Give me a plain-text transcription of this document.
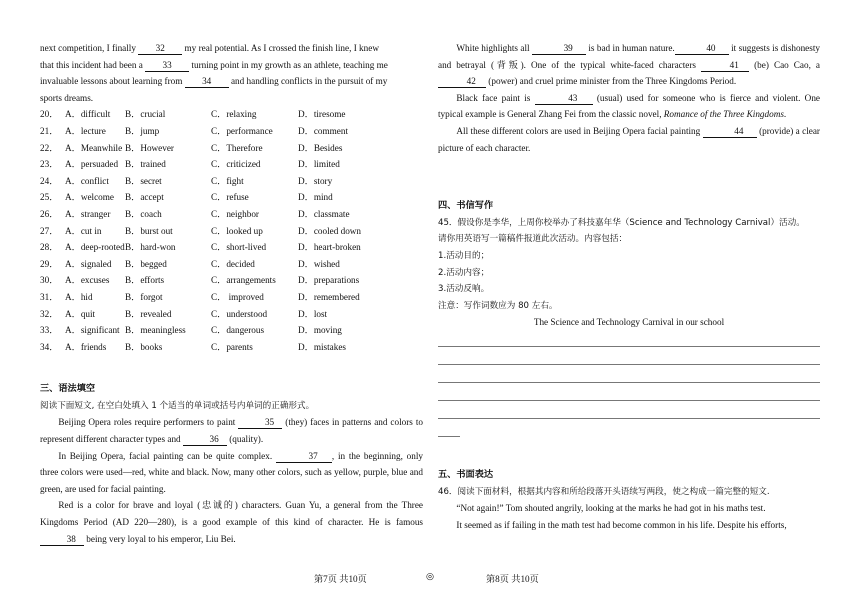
next competition, I finally 32 my real potential. As I crossed the finish line, I knew

that this incident had been a 33 turning point in my growth as an athlete, teaching me

invaluable lessons about learning from 34 and handling conflicts in the pursuit of my

sports dreams.

20． A．difficult B．crucial	C．relaxing	D．tiresome
21． A．lecture B．jump	C．performance	D．comment
22． A．Meanwhile B．However	C．Therefore	D．Besides
23． A．persuaded B．trained	C．criticized	D．limited
24． A．conflict B．secret	C．fight	D．story
25． A．welcome B．accept	C．refuse	D．mind
26． A．stranger B．coach	C．neighbor	D．classmate
27． A．cut in	B．burst out	C．looked up	D．cooled down
28． A．deep-rooted B．hard-won	C．short-lived	D．heart-broken
29． A．signaled B．begged	C．decided	D．wished
30． A．excuses B．efforts	C．arrangements	D．preparations
31． A．hid	B．forgot	C． improved	D．remembered
32． A．quit	B．revealed	C．understood	D．lost
33． A．significant B．meaningless	C．dangerous	D．moving
34． A．friends B．books	C．parents	D．mistakes
三、语法填空

阅读下面短文, 在空白处填入 1 个适当的单词或括号内单词的正确形式。

Beijing Opera roles require performers to paint	35 (they) faces in patterns and colors to represent different character types and	36 (quality).

In Beijing Opera, facial painting can be quite complex.	37 , in the beginning, only three colors were used—red, white and black. Now, many other colors, such as yellow, purple, blue and green, are used for facial painting.

Red is a color for brave and loyal (忠诚的) characters. Guan Yu, a general from the Three Kingdoms Period (AD 220—280), is a good example of this kind of character. He is famous 38 being very loyal to his emperor, Liu Bei.

White highlights all	39 is bad in human nature.	40 it suggests is dishonesty and betrayal (背叛). One of the typical white-faced characters	41 (be) Cao Cao, a 42 (power) and cruel prime minister from the Three Kingdoms Period.

Black face paint is	43 (usual) used for someone who is fierce and violent. One typical example is General Zhang Fei from the classic novel, Romance of the Three Kingdoms.

All these different colors are used in Beijing Opera facial painting	44 (provide) a clear picture of each character.

四、书信写作

45．假设你是李华，上周你校举办了科技嘉年华（Science and Technology Carnival）活动。

请你用英语写一篇稿件报道此次活动。内容包括：

1.活动目的；

2.活动内容；

3.活动反响。

注意：写作词数应为 80 左右。

The Science and Technology Carnival in our school

五、书面表达

46．阅读下面材料，根据其内容和所给段落开头语续写两段，使之构成一篇完整的短文.

“Not again!” Tom shouted angrily, looking at the marks he had got in his maths test.

It seemed as if failing in the math test had become common in his life. Despite his efforts,

第7页 共10页	◎	第8页 共10页
